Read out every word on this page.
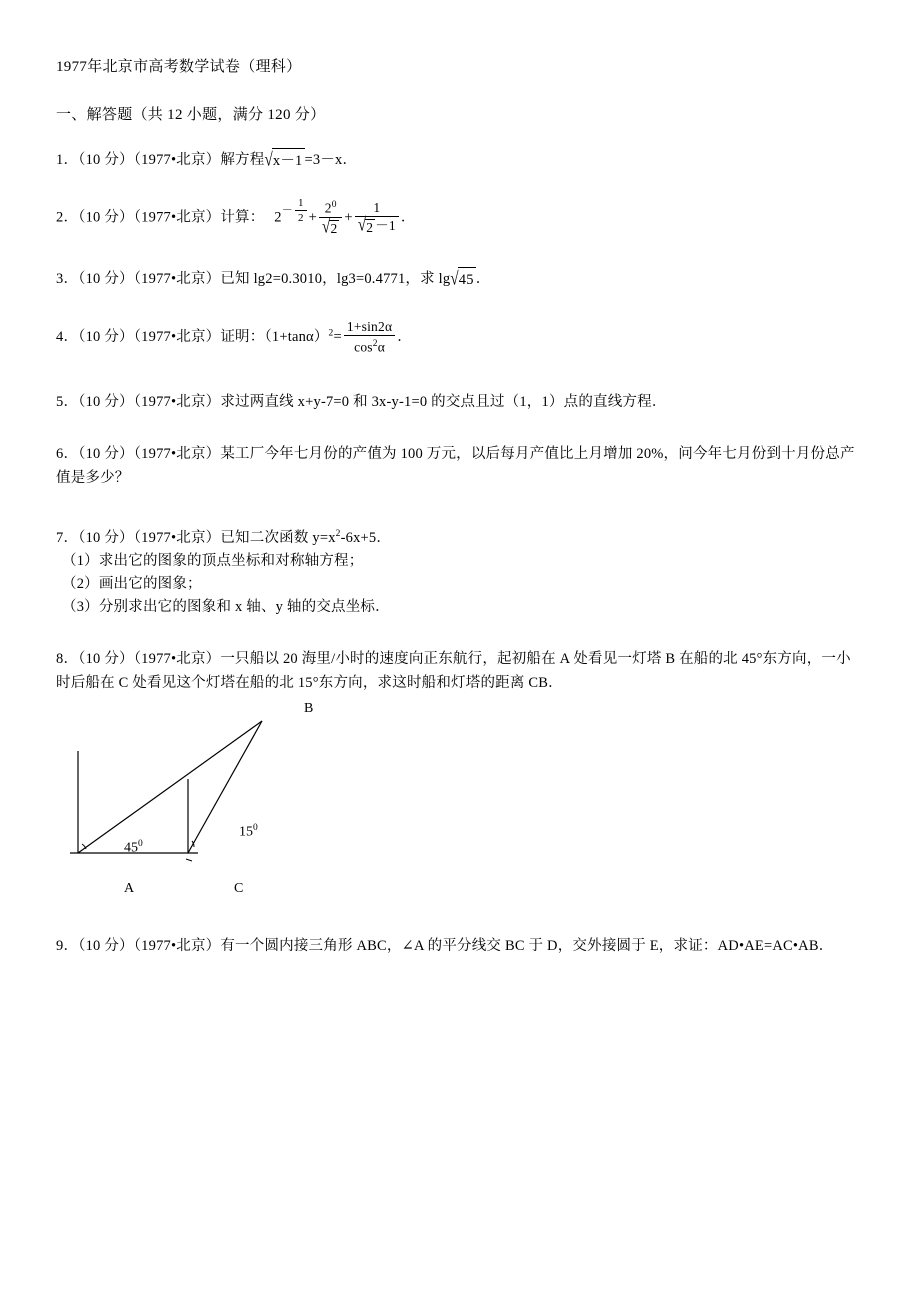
1977年北京市高考数学试卷（理科）
一、解答题（共 12 小题，满分 120 分）
1．（10 分）（1977•北京）解方程√x－1 =3－x．
2．（10 分）（1977•北京）计算： $2- \frac{1}{2} + \frac{2^0}{√2} + \frac{1}{√2 -1}$ ．
3．（10 分）（1977•北京）已知 lg2=0.3010，lg3=0.4771，求 lg√45 ．
4．（10 分）（1977•北京）证明：$(1+\tan\alpha)^2= \frac{1+\sin 2\alpha}{\cos^2\alpha}$ ．
5．（10 分）（1977•北京）求过两直线 x+y-7=0 和 3x-y-1=0 的交点且过（1，1）点的直线方程．
6．（10 分）（1977•北京）某工厂今年七月份的产值为 100 万元，以后每月产值比上月增加 20%，问今年七月份到十月份总产值是多少？
7．（10 分）（1977•北京）已知二次函数 $y=x^2-6x+5$．
（1）求出它的图象的顶点坐标和对称轴方程；
（2）画出它的图象；
（3）分别求出它的图象和 x 轴、y 轴的交点坐标．
8．（10 分）（1977•北京）一只船以 20 海里/小时的速度向正东航行，起初船在 A 处看见一灯塔 B 在船的北 45°东方向，一小时后船在 C 处看见这个灯塔在船的北 15°东方向，求这时船和灯塔的距离 CB．
B
$45^0$
$15^0$
A	C
9．（10 分）（1977•北京）有一个圆内接三角形 ABC，∠A 的平分线交 BC 于 D，交外接圆于 E，求证：AD•AE=AC•AB．
